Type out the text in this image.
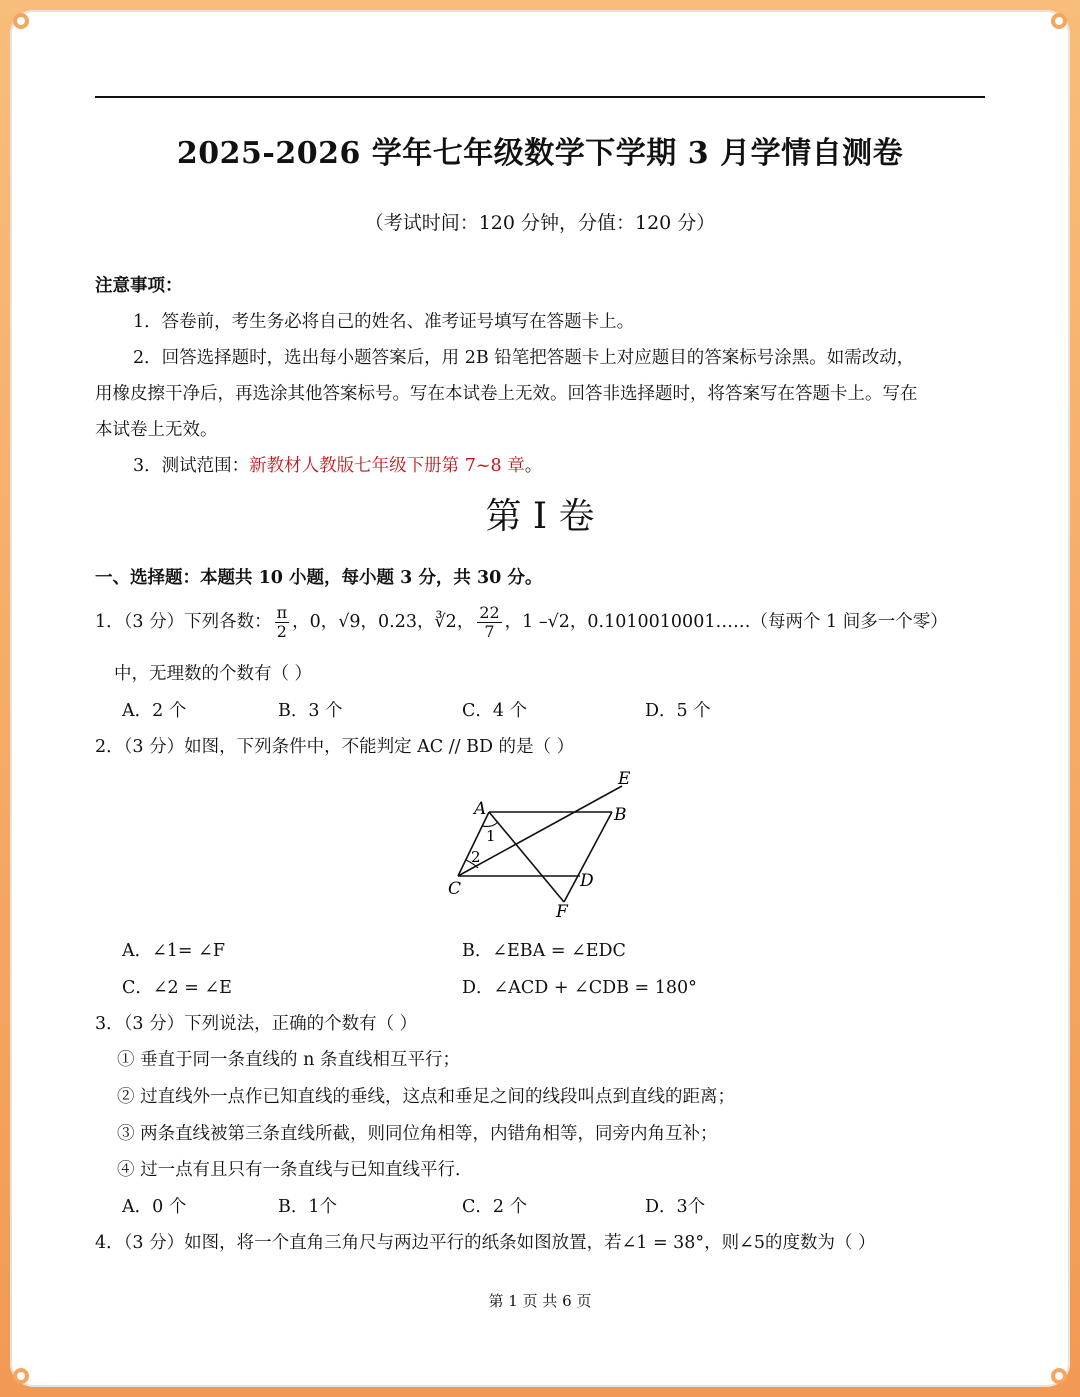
2025-2026 学年七年级数学下学期 3 月学情自测卷
（考试时间：120 分钟，分值：120 分）
注意事项：
1．答卷前，考生务必将自己的姓名、准考证号填写在答题卡上。
2．回答选择题时，选出每小题答案后，用 2B 铅笔把答题卡上对应题目的答案标号涂黑。如需改动，
用橡皮擦干净后，再选涂其他答案标号。写在本试卷上无效。回答非选择题时，将答案写在答题卡上。写在
本试卷上无效。
3．测试范围：新教材人教版七年级下册第 7~8 章。
第 I 卷
一、选择题：本题共 10 小题，每小题 3 分，共 30 分。
1．（3 分）下列各数： $\frac{\pi}{2}$ ，0，√9，0.23，∛2， $\frac{22}{7}$ ，1 –√2，0.1010010001……（每两个 1 间多一个零）
中，无理数的个数有（ ）
A．2 个	B．3 个	C．4 个	D．5 个
2．（3 分）如图，下列条件中，不能判定 AC // BD 的是（ ）
A	B
C	D
E
F
1
2
A．∠1= ∠F	B．∠EBA = ∠EDC
C．∠2 = ∠E	D．∠ACD + ∠CDB = 180°
3．（3 分）下列说法，正确的个数有（ ）
① 垂直于同一条直线的 n 条直线相互平行；
② 过直线外一点作已知直线的垂线，这点和垂足之间的线段叫点到直线的距离；
③ 两条直线被第三条直线所截，则同位角相等，内错角相等，同旁内角互补；
④ 过一点有且只有一条直线与已知直线平行．
A．0 个	B．1个	C．2 个	D．3个
4．（3 分）如图，将一个直角三角尺与两边平行的纸条如图放置，若∠1 = 38°，则∠5的度数为（ ）
第 1 页 共 6 页
